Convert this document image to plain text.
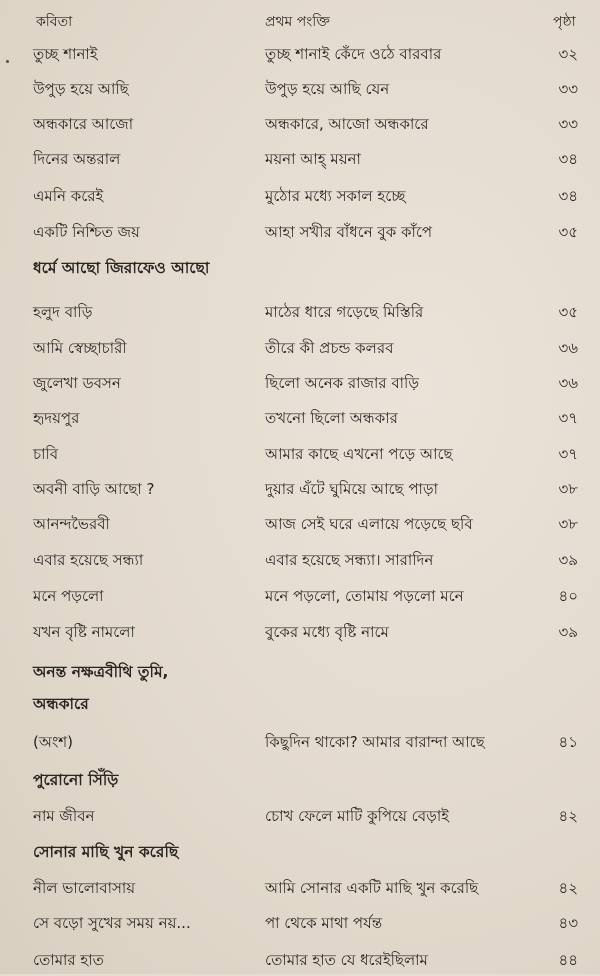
কবিতা	প্রথম পংক্তি	পৃষ্ঠা
তুচ্ছ শানাই	তুচ্ছ শানাই কেঁদে ওঠে বারবার	৩২
উপুড় হয়ে আছি	উপুড় হয়ে আছি যেন	৩৩
অন্ধকারে আজো	অন্ধকারে, আজো অন্ধকারে	৩৩
দিনের অন্তরাল	ময়না আহ্ ময়না	৩৪
এমনি করেই	মুঠোর মধ্যে সকাল হচ্ছে	৩৪
একটি নিশ্চিত জয়	আহা সখীর বাঁধনে বুক কাঁপে	৩৫
ধর্মে আছো জিরাফেও আছো
হলুদ বাড়ি	মাঠের ধারে গড়েছে মিস্তিরি	৩৫
আমি স্বেচ্ছাচারী	তীরে কী প্রচন্ড কলরব	৩৬
জুলেখা ডবসন	ছিলো অনেক রাজার বাড়ি	৩৬
হৃদয়পুর	তখনো ছিলো অন্ধকার	৩৭
চাবি	আমার কাছে এখনো পড়ে আছে	৩৭
অবনী বাড়ি আছো ?	দুয়ার এঁটে ঘুমিয়ে আছে পাড়া	৩৮
আনন্দভৈরবী	আজ সেই ঘরে এলায়ে পড়েছে ছবি	৩৮
এবার হয়েছে সন্ধ্যা	এবার হয়েছে সন্ধ্যা। সারাদিন	৩৯
মনে পড়লো	মনে পড়লো, তোমায় পড়লো মনে	৪০
যখন বৃষ্টি নামলো	বুকের মধ্যে বৃষ্টি নামে	৩৯
অনন্ত নক্ষত্রবীথি তুমি,
অন্ধকারে
(অংশ)	কিছুদিন থাকো? আমার বারান্দা আছে	৪১
পুরোনো সিঁড়ি
নাম জীবন	চোখ ফেলে মাটি কুপিয়ে বেড়াই	৪২
সোনার মাছি খুন করেছি
নীল ভালোবাসায়	আমি সোনার একটি মাছি খুন করেছি	৪২
সে বড়ো সুখের সময় নয়...	পা থেকে মাথা পর্যন্ত	৪৩
তোমার হাত	তোমার হাত যে ধরেইছিলাম	৪৪
